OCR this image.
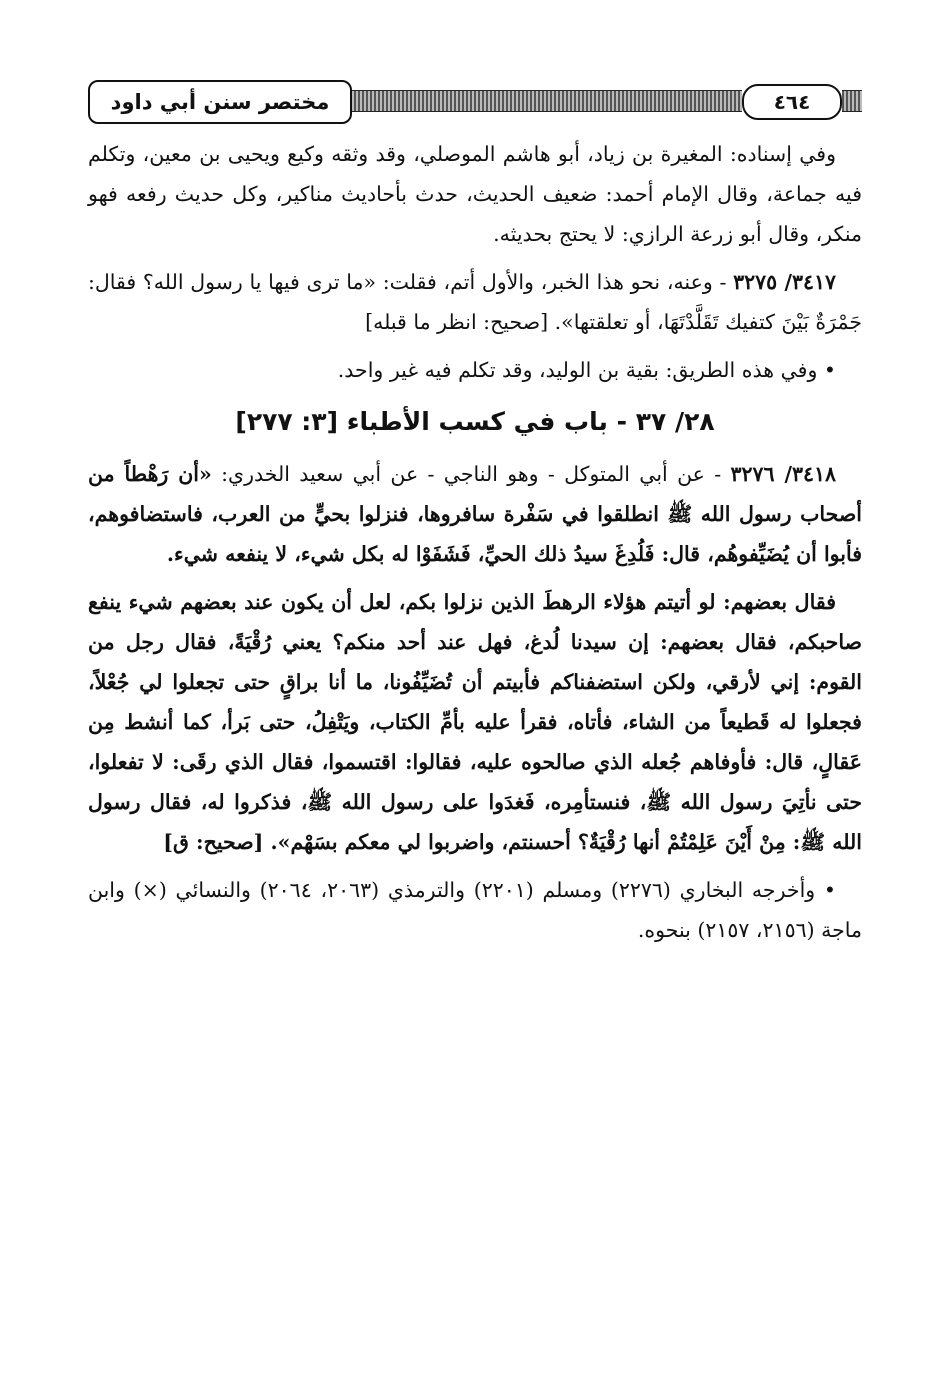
٤٦٤
مختصر سنن أبي داود

وفي إسناده: المغيرة بن زياد، أبو هاشم الموصلي، وقد وثقه وكيع ويحيى بن معين، وتكلم فيه جماعة، وقال الإمام أحمد: ضعيف الحديث، حدث بأحاديث مناكير، وكل حديث رفعه فهو منكر، وقال أبو زرعة الرازي: لا يحتج بحديثه.

٣٤١٧/ ٣٢٧٥ - وعنه، نحو هذا الخبر، والأول أتم، فقلت: «ما ترى فيها يا رسول الله؟ فقال: جَمْرَةٌ بَيْنَ كتفيك تَقَلَّدْتَهَا، أو تعلقتها». [صحيح: انظر ما قبله]

• وفي هذه الطريق: بقية بن الوليد، وقد تكلم فيه غير واحد.

٢٨/ ٣٧ - باب في كسب الأطباء [٣: ٢٧٧]

٣٤١٨/ ٣٢٧٦ - عن أبي المتوكل - وهو الناجي - عن أبي سعيد الخدري: «أن رَهْطاً من أصحاب رسول الله ﷺ انطلقوا في سَفْرة سافروها، فنزلوا بحيٍّ من العرب، فاستضافوهم، فأبوا أن يُضَيِّفوهُم، قال: فَلُدِغَ سيدُ ذلك الحيِّ، فَشَفَوْا له بكل شيء، لا ينفعه شيء.

فقال بعضهم: لو أتيتم هؤلاء الرهطَ الذين نزلوا بكم، لعل أن يكون عند بعضهم شيء ينفع صاحبكم، فقال بعضهم: إن سيدنا لُدغ، فهل عند أحد منكم؟ يعني رُقْيَةً، فقال رجل من القوم: إني لأرقي، ولكن استضفناكم فأبيتم أن تُضَيِّفُونا، ما أنا براقٍ حتى تجعلوا لي جُعْلاً، فجعلوا له قَطيعاً من الشاء، فأتاه، فقرأ عليه بأمِّ الكتاب، ويَتْفِلُ، حتى بَرأ، كما أنشط مِن عَقالٍ، قال: فأوفاهم جُعله الذي صالحوه عليه، فقالوا: اقتسموا، فقال الذي رقَى: لا تفعلوا، حتى نأتِيَ رسول الله ﷺ، فنستأمِره، فَغدَوا على رسول الله ﷺ، فذكروا له، فقال رسول الله ﷺ: مِنْ أَيْنَ عَلِمْتُمْ أنها رُقْيَةٌ؟ أحسنتم، واضربوا لي معكم بسَهْم». [صحيح: ق]

• وأخرجه البخاري (٢٢٧٦) ومسلم (٢٢٠١) والترمذي (٢٠٦٣، ٢٠٦٤) والنسائي (×) وابن ماجة (٢١٥٦، ٢١٥٧) بنحوه.
